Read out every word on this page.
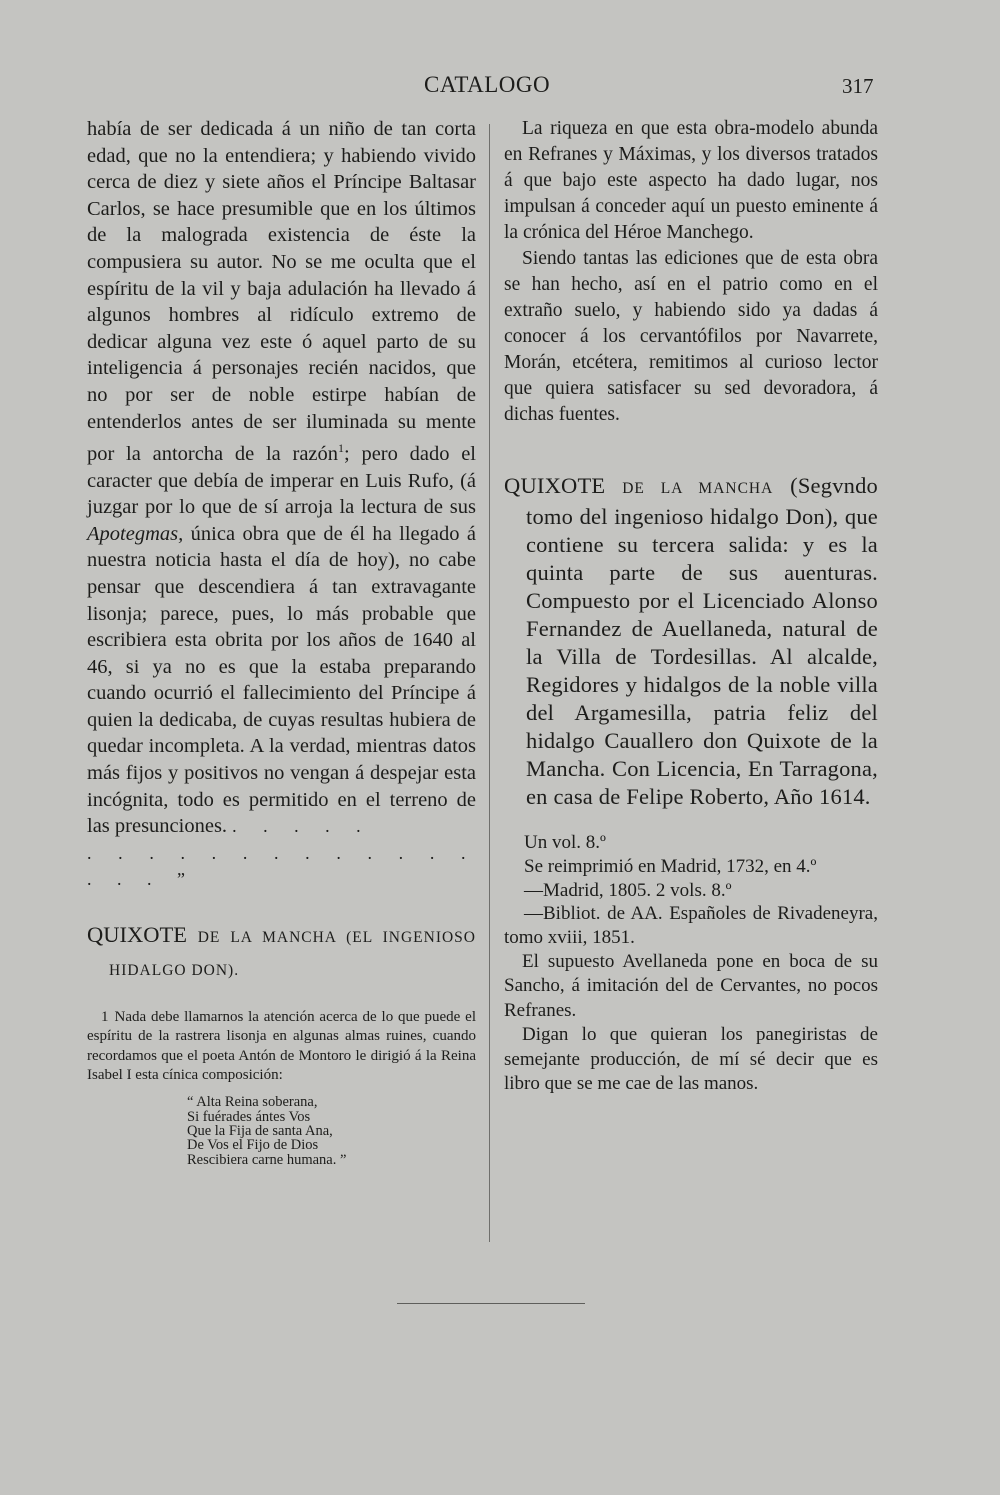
CATALOGO	317

había de ser dedicada á un niño de tan corta edad, que no la entendiera; y habiendo vivido cerca de diez y siete años el Príncipe Baltasar Carlos, se hace presumible que en los últimos de la malograda existencia de éste la compusiera su autor. No se me oculta que el espíritu de la vil y baja adulación ha llevado á algunos hombres al ridículo extremo de dedicar alguna vez este ó aquel parto de su inteligencia á personajes recién nacidos, que no por ser de noble estirpe habían de entenderlos antes de ser iluminada su mente por la antorcha de la razón$^1$; pero dado el caracter que debía de imperar en Luis Rufo, (á juzgar por lo que de sí arroja la lectura de sus Apotegmas, única obra que de él ha llegado á nuestra noticia hasta el día de hoy), no cabe pensar que descendiera á tan extravagante lisonja; parece, pues, lo más probable que escribiera esta obrita por los años de 1640 al 46, si ya no es que la estaba preparando cuando ocurrió el fallecimiento del Príncipe á quien la dedicaba, de cuyas resultas hubiera de quedar incompleta. A la verdad, mientras datos más fijos y positivos no vengan á despejar esta incógnita, todo es permitido en el terreno de las presunciones. . . . . .

. . . . . . . . . . . . . . . . ”

QUIXOTE DE LA MANCHA (EL INGENIOSO HIDALGO DON).

1 Nada debe llamarnos la atención acerca de lo que puede el espíritu de la rastrera lisonja en algunas almas ruines, cuando recordamos que el poeta Antón de Montoro le dirigió á la Reina Isabel I esta cínica composición:

“ Alta Reina soberana,
Si fuérades ántes Vos
Que la Fija de santa Ana,
De Vos el Fijo de Dios
Rescibiera carne humana. ”

La riqueza en que esta obra-modelo abunda en Refranes y Máximas, y los diversos tratados á que bajo este aspecto ha dado lugar, nos impulsan á conceder aquí un puesto eminente á la crónica del Héroe Manchego.

Siendo tantas las ediciones que de esta obra se han hecho, así en el patrio como en el extraño suelo, y habiendo sido ya dadas á conocer á los cervantófilos por Navarrete, Morán, etcétera, remitimos al curioso lector que quiera satisfacer su sed devoradora, á dichas fuentes.

QUIXOTE DE LA MANCHA (Segvndo tomo del ingenioso hidalgo Don), que contiene su tercera salida: y es la quinta parte de sus auenturas. Compuesto por el Licenciado Alonso Fernandez de Auellaneda, natural de la Villa de Tordesillas. Al alcalde, Regidores y hidalgos de la noble villa del Argamesilla, patria feliz del hidalgo Cauallero don Quixote de la Mancha. Con Licencia, En Tarragona, en casa de Felipe Roberto, Año 1614.

Un vol. 8.º
Se reimprimió en Madrid, 1732, en 4.º
—Madrid, 1805. 2 vols. 8.º
—Bibliot. de AA. Españoles de Rivadeneyra, tomo xviii, 1851.

El supuesto Avellaneda pone en boca de su Sancho, á imitación del de Cervantes, no pocos Refranes.

Digan lo que quieran los panegiristas de semejante producción, de mí sé decir que es libro que se me cae de las manos.
